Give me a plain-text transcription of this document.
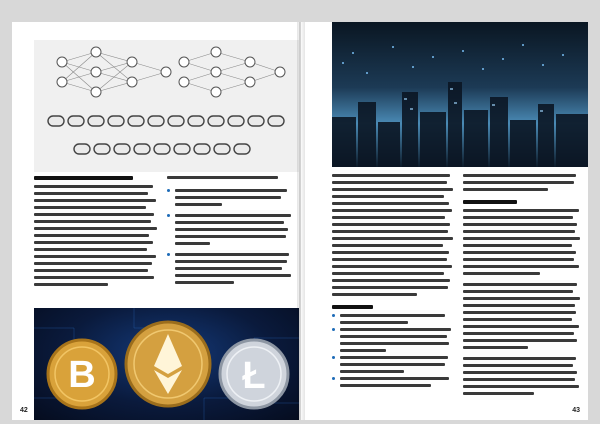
B	Ł
42	43
